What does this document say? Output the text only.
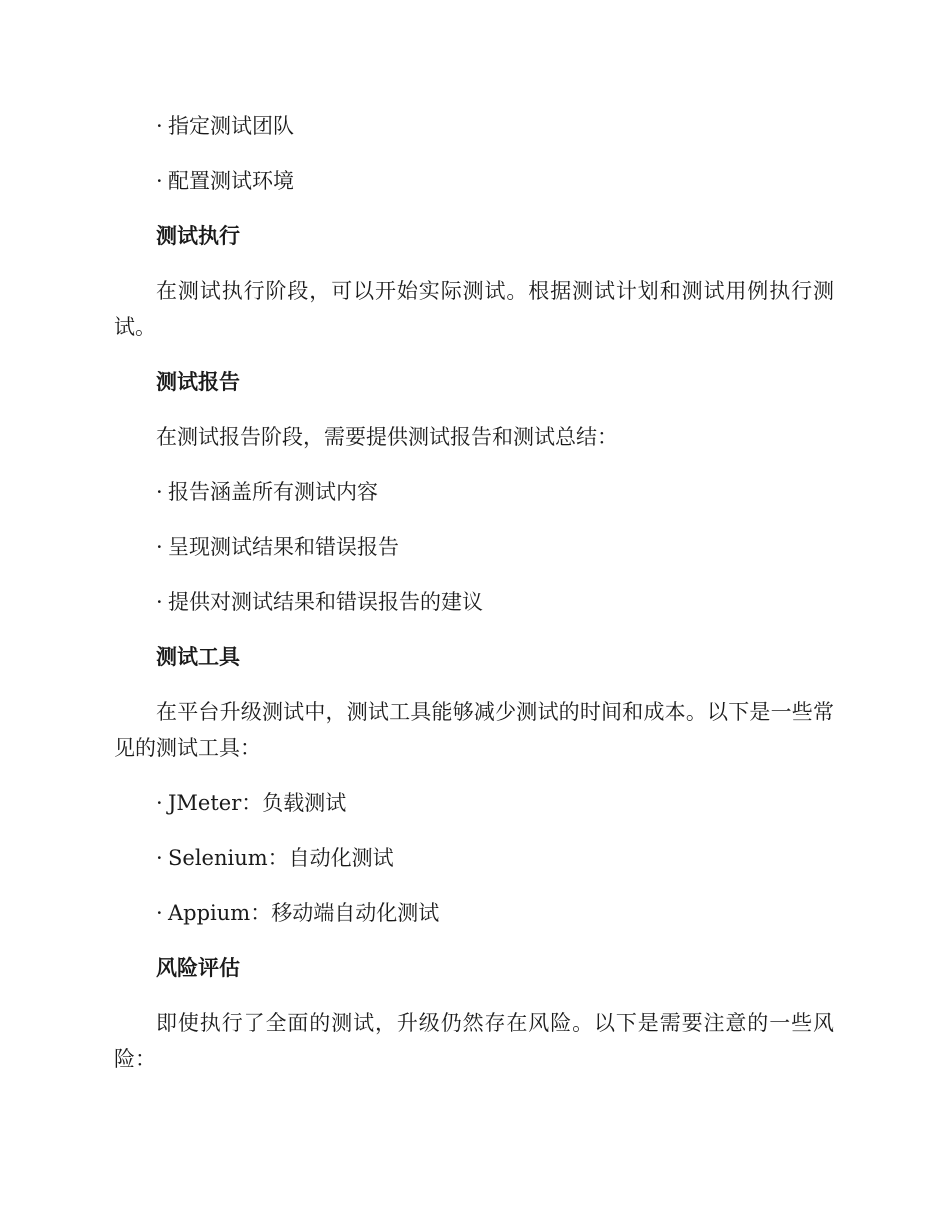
· 指定测试团队

· 配置测试环境

测试执行

在测试执行阶段，可以开始实际测试。根据测试计划和测试用例执行测试。

测试报告

在测试报告阶段，需要提供测试报告和测试总结：

· 报告涵盖所有测试内容

· 呈现测试结果和错误报告

· 提供对测试结果和错误报告的建议

测试工具

在平台升级测试中，测试工具能够减少测试的时间和成本。以下是一些常见的测试工具：

· JMeter：负载测试

· Selenium：自动化测试

· Appium：移动端自动化测试

风险评估

即使执行了全面的测试，升级仍然存在风险。以下是需要注意的一些风险：
